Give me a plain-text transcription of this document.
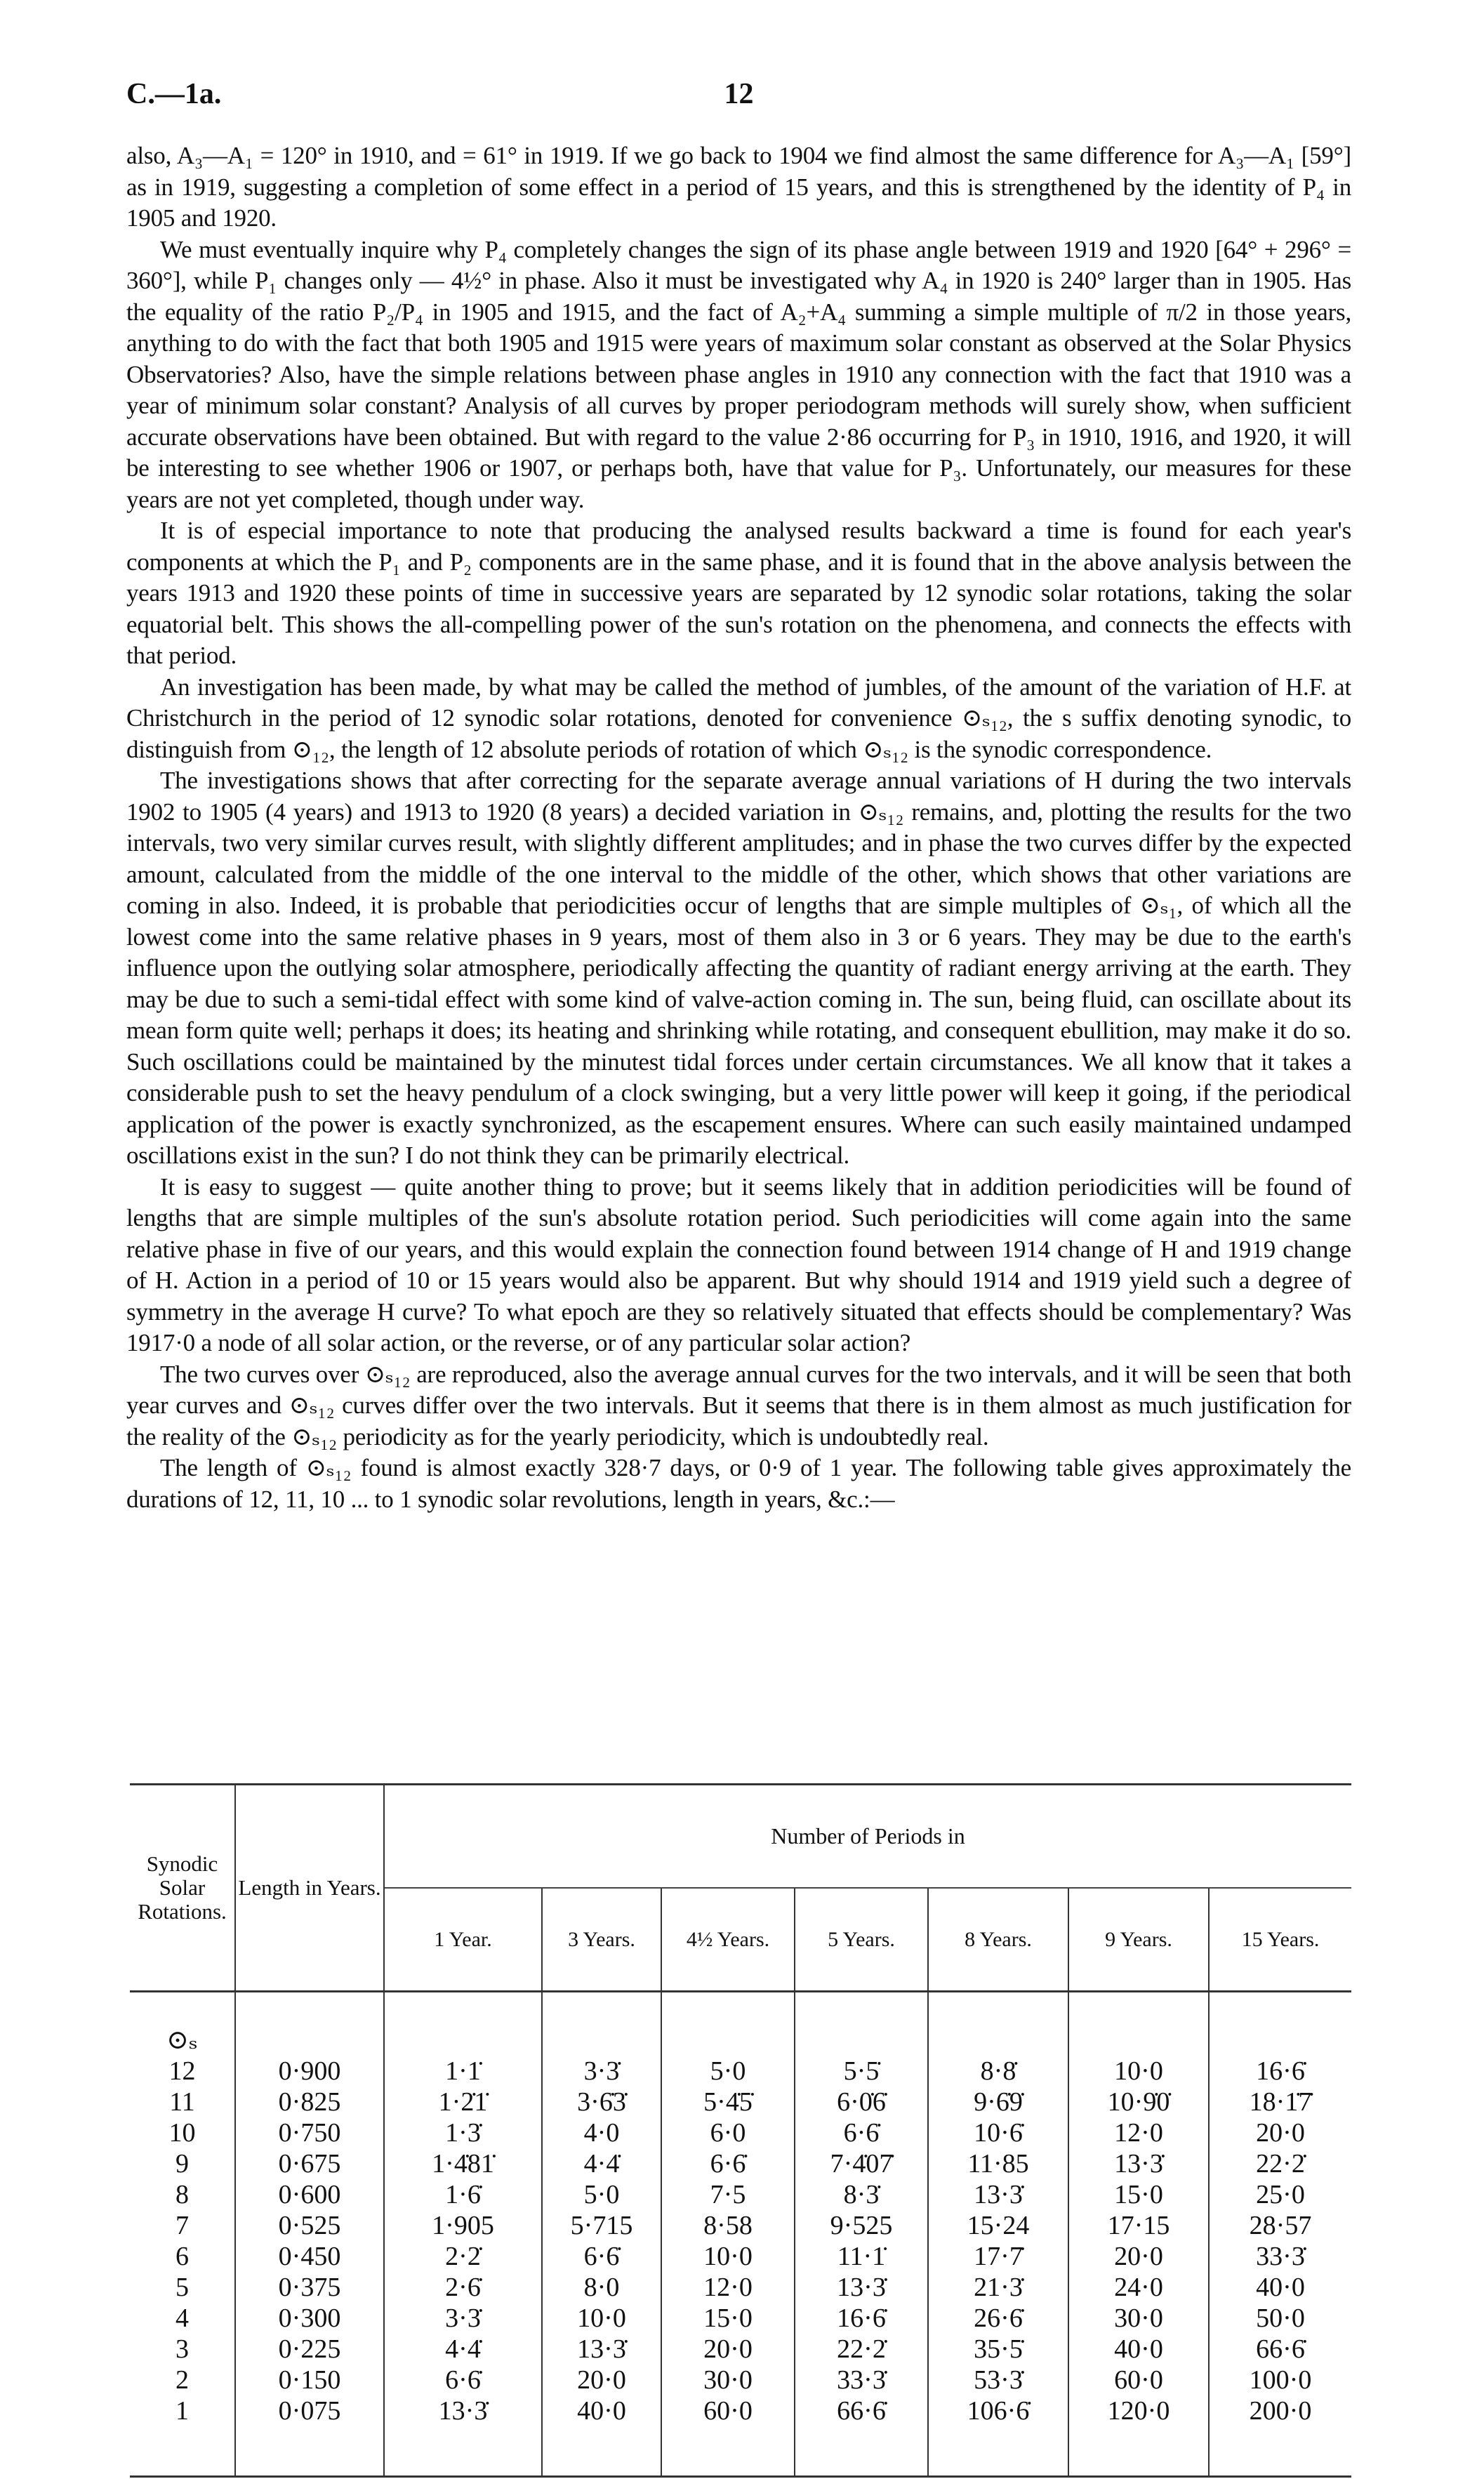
C.—1a.	12

also, A₃—A₁ = 120° in 1910, and = 61° in 1919. If we go back to 1904 we find almost the same difference for A₃—A₁ [59°] as in 1919, suggesting a completion of some effect in a period of 15 years, and this is strengthened by the identity of P₄ in 1905 and 1920.

We must eventually inquire why P₄ completely changes the sign of its phase angle between 1919 and 1920 [64° + 296° = 360°], while P₁ changes only — 4½° in phase. Also it must be investigated why A₄ in 1920 is 240° larger than in 1905. Has the equality of the ratio P₂/P₄ in 1905 and 1915, and the fact of A₂+A₄ summing a simple multiple of π/2 in those years, anything to do with the fact that both 1905 and 1915 were years of maximum solar constant as observed at the Solar Physics Observatories? Also, have the simple relations between phase angles in 1910 any connection with the fact that 1910 was a year of minimum solar constant? Analysis of all curves by proper periodogram methods will surely show, when sufficient accurate observations have been obtained. But with regard to the value 2·86 occurring for P₃ in 1910, 1916, and 1920, it will be interesting to see whether 1906 or 1907, or perhaps both, have that value for P₃. Unfortunately, our measures for these years are not yet completed, though under way.

It is of especial importance to note that producing the analysed results backward a time is found for each year's components at which the P₁ and P₂ components are in the same phase, and it is found that in the above analysis between the years 1913 and 1920 these points of time in successive years are separated by 12 synodic solar rotations, taking the solar equatorial belt. This shows the all-compelling power of the sun's rotation on the phenomena, and connects the effects with that period.

An investigation has been made, by what may be called the method of jumbles, of the amount of the variation of H.F. at Christchurch in the period of 12 synodic solar rotations, denoted for convenience ⊙ₛ₁₂, the s suffix denoting synodic, to distinguish from ⊙₁₂, the length of 12 absolute periods of rotation of which ⊙ₛ₁₂ is the synodic correspondence.

The investigations shows that after correcting for the separate average annual variations of H during the two intervals 1902 to 1905 (4 years) and 1913 to 1920 (8 years) a decided variation in ⊙ₛ₁₂ remains, and, plotting the results for the two intervals, two very similar curves result, with slightly different amplitudes; and in phase the two curves differ by the expected amount, calculated from the middle of the one interval to the middle of the other, which shows that other variations are coming in also. Indeed, it is probable that periodicities occur of lengths that are simple multiples of ⊙ₛ₁, of which all the lowest come into the same relative phases in 9 years, most of them also in 3 or 6 years. They may be due to the earth's influence upon the outlying solar atmosphere, periodically affecting the quantity of radiant energy arriving at the earth. They may be due to such a semi-tidal effect with some kind of valve-action coming in. The sun, being fluid, can oscillate about its mean form quite well; perhaps it does; its heating and shrinking while rotating, and consequent ebullition, may make it do so. Such oscillations could be maintained by the minutest tidal forces under certain circumstances. We all know that it takes a considerable push to set the heavy pendulum of a clock swinging, but a very little power will keep it going, if the periodical application of the power is exactly synchronized, as the escapement ensures. Where can such easily maintained undamped oscillations exist in the sun? I do not think they can be primarily electrical.

It is easy to suggest — quite another thing to prove; but it seems likely that in addition periodicities will be found of lengths that are simple multiples of the sun's absolute rotation period. Such periodicities will come again into the same relative phase in five of our years, and this would explain the connection found between 1914 change of H and 1919 change of H. Action in a period of 10 or 15 years would also be apparent. But why should 1914 and 1919 yield such a degree of symmetry in the average H curve? To what epoch are they so relatively situated that effects should be complementary? Was 1917·0 a node of all solar action, or the reverse, or of any particular solar action?

The two curves over ⊙ₛ₁₂ are reproduced, also the average annual curves for the two intervals, and it will be seen that both year curves and ⊙ₛ₁₂ curves differ over the two intervals. But it seems that there is in them almost as much justification for the reality of the ⊙ₛ₁₂ periodicity as for the yearly periodicity, which is undoubtedly real.

The length of ⊙ₛ₁₂ found is almost exactly 328·7 days, or 0·9 of 1 year. The following table gives approximately the durations of 12, 11, 10 ... to 1 synodic solar revolutions, length in years, &c.:—

Synodic Solar Rotations.	Length in Years.	Number of Periods in						
		1 Year.	3 Years.	4½ Years.	5 Years.	8 Years.	9 Years.	15 Years.
⊙ₛ								
12	0·900	1·1̇	3·3̇	5·0	5·5̇	8·8̇	10·0	16·6̇
11	0·825	1·2̇1̇	3·6̇3̇	5·4̇5̇	6·0̇6̇	9·6̇9̇	10·9̇0̇	18·1̇7̇
10	0·750	1·3̇	4·0	6·0	6·6̇	10·6̇	12·0	20·0
9	0·675	1·4̇81̇	4·4̇	6·6̇	7·4̇07̇	11·85	13·3̇	22·2̇
8	0·600	1·6̇	5·0	7·5	8·3̇	13·3̇	15·0	25·0
7	0·525	1·905	5·715	8·58	9·525	15·24	17·15	28·57
6	0·450	2·2̇	6·6̇	10·0	11·1̇	17·7̇	20·0	33·3̇
5	0·375	2·6̇	8·0	12·0	13·3̇	21·3̇	24·0	40·0
4	0·300	3·3̇	10·0	15·0	16·6̇	26·6̇	30·0	50·0
3	0·225	4·4̇	13·3̇	20·0	22·2̇	35·5̇	40·0	66·6̇
2	0·150	6·6̇	20·0	30·0	33·3̇	53·3̇	60·0	100·0
1	0·075	13·3̇	40·0	60·0	66·6̇	106·6̇	120·0	200·0
